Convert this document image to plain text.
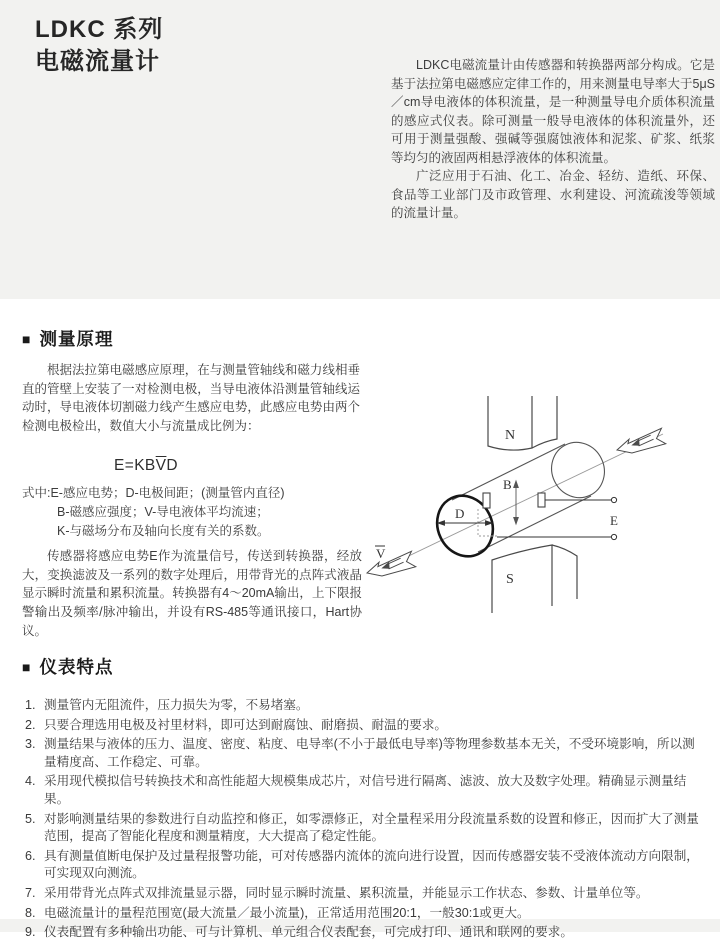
LDKC 系列
电磁流量计	LDKC电磁流量计由传感器和转换器两部分构成。它是基于法拉第电磁感应定律工作的，用来测量电导率大于5μS／cm导电液体的体积流量，是一种测量导电介质体积流量的感应式仪表。除可测量一般导电液体的体积流量外，还可用于测量强酸、强碱等强腐蚀液体和泥浆、矿浆、纸浆等均匀的液固两相悬浮液体的体积流量。

广泛应用于石油、化工、冶金、轻纺、造纸、环保、食品等工业部门及市政管理、水利建设、河流疏浚等领域的流量计量。

■ 测量原理

根据法拉第电磁感应原理，在与测量管轴线和磁力线相垂直的管壁上安装了一对检测电极，当导电液体沿测量管轴线运动时，导电液体切割磁力线产生感应电势，此感应电势由两个检测电极检出，数值大小与流量成比例为：

$E=KB\overline{V}D$
式中:E-感应电势；D-电极间距；(测量管内直径)
B-磁感应强度；V-导电液体平均流速；
K-与磁场分布及轴向长度有关的系数。

传感器将感应电势E作为流量信号，传送到转换器，经放大，变换滤波及一系列的数字处理后，用带背光的点阵式液晶显示瞬时流量和累积流量。转换器有4～20mA输出，上下限报警输出及频率/脉冲输出，并设有RS-485等通讯接口，Hart协议。

N
S
E
B
D
V
■ 仪表特点
1. 测量管内无阻流件，压力损失为零，不易堵塞。
2. 只要合理选用电极及衬里材料，即可达到耐腐蚀、耐磨损、耐温的要求。
3. 测量结果与液体的压力、温度、密度、粘度、电导率(不小于最低电导率)等物理参数基本无关，不受环境影响，所以测量精度高、工作稳定、可靠。
4. 采用现代模拟信号转换技术和高性能超大规模集成芯片，对信号进行隔离、滤波、放大及数字处理。精确显示测量结果。
5. 对影响测量结果的参数进行自动监控和修正，如零漂修正，对全量程采用分段流量系数的设置和修正，因而扩大了测量范围，提高了智能化程度和测量精度，大大提高了稳定性能。
6. 具有测量值断电保护及过量程报警功能，可对传感器内流体的流向进行设置，因而传感器安装不受液体流动方向限制，可实现双向测流。
7. 采用带背光点阵式双排流量显示器，同时显示瞬时流量、累积流量，并能显示工作状态、参数、计量单位等。
8. 电磁流量计的量程范围宽(最大流量／最小流量)，正常适用范围20:1，一般30:1或更大。
9. 仪表配置有多种输出功能、可与计算机、单元组合仪表配套，可完成打印、通讯和联网的要求。
